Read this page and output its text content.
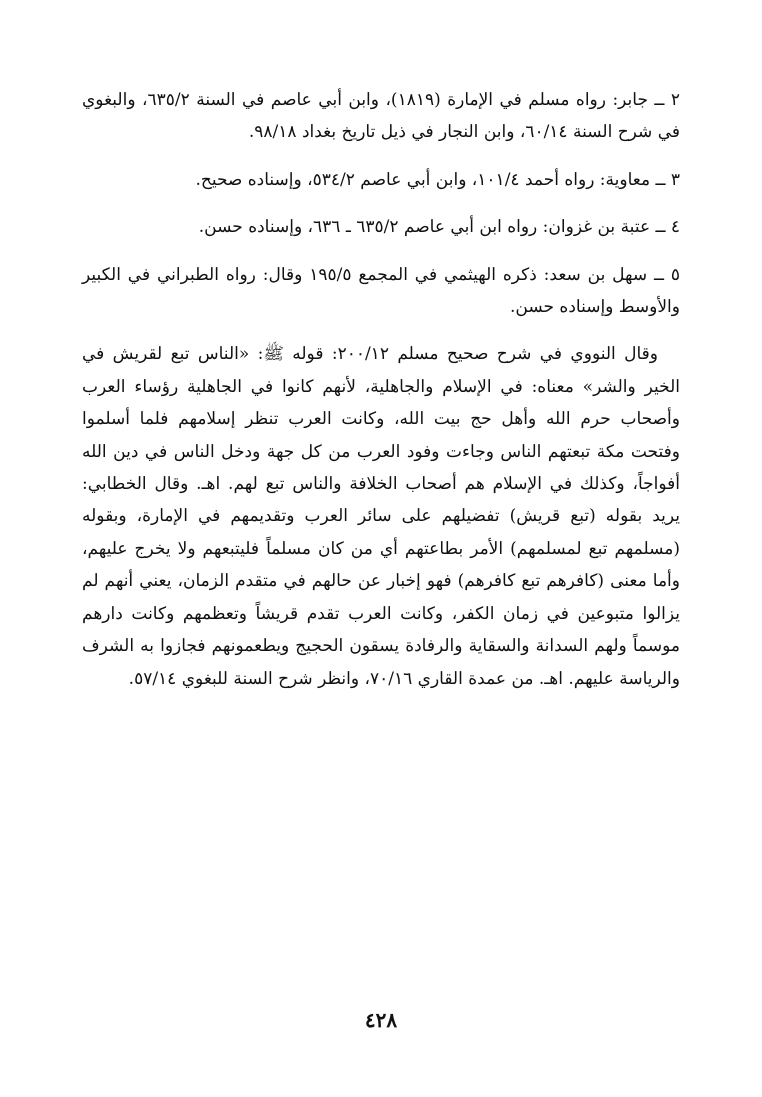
٢ ــ جابر: رواه مسلم في الإمارة (١٨١٩)، وابن أبي عاصم في السنة ٦٣٥/٢، والبغوي في شرح السنة ٦٠/١٤، وابن النجار في ذيل تاريخ بغداد ٩٨/١٨.

٣ ــ معاوية: رواه أحمد ١٠١/٤، وابن أبي عاصم ٥٣٤/٢، وإسناده صحيح.

٤ ــ عتبة بن غزوان: رواه ابن أبي عاصم ٦٣٥/٢ ـ ٦٣٦، وإسناده حسن.

٥ ــ سهل بن سعد: ذكره الهيثمي في المجمع ١٩٥/٥ وقال: رواه الطبراني في الكبير والأوسط وإسناده حسن.

وقال النووي في شرح صحيح مسلم ٢٠٠/١٢: قوله ﷺ: «الناس تبع لقريش في الخير والشر» معناه: في الإسلام والجاهلية، لأنهم كانوا في الجاهلية رؤساء العرب وأصحاب حرم الله وأهل حج بيت الله، وكانت العرب تنظر إسلامهم فلما أسلموا وفتحت مكة تبعتهم الناس وجاءت وفود العرب من كل جهة ودخل الناس في دين الله أفواجاً، وكذلك في الإسلام هم أصحاب الخلافة والناس تبع لهم. اهـ. وقال الخطابي: يريد بقوله (تبع قريش) تفضيلهم على سائر العرب وتقديمهم في الإمارة، وبقوله (مسلمهم تبع لمسلمهم) الأمر بطاعتهم أي من كان مسلماً فليتبعهم ولا يخرج عليهم، وأما معنى (كافرهم تبع كافرهم) فهو إخبار عن حالهم في متقدم الزمان، يعني أنهم لم يزالوا متبوعين في زمان الكفر، وكانت العرب تقدم قريشاً وتعظمهم وكانت دارهم موسماً ولهم السدانة والسقاية والرفادة يسقون الحجيج ويطعمونهم فجازوا به الشرف والرياسة عليهم. اهـ. من عمدة القاري ٧٠/١٦، وانظر شرح السنة للبغوي ٥٧/١٤.

٤٢٨
